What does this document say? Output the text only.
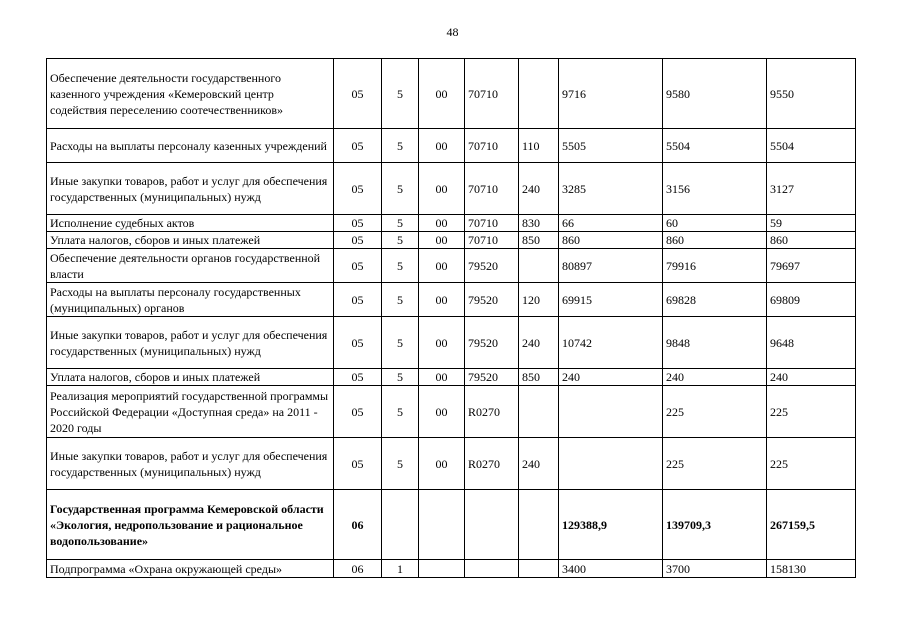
48
Обеспечение деятельности государственного казенного учреждения «Кемеровский центр содействия переселению соотечественников»	05	5	00	70710		9716	9580	9550
Расходы на выплаты персоналу казенных учреждений	05	5	00	70710	110	5505	5504	5504
Иные закупки товаров, работ и услуг для обеспечения государственных (муниципальных) нужд	05	5	00	70710	240	3285	3156	3127
Исполнение судебных актов	05	5	00	70710	830	66	60	59
Уплата налогов, сборов и иных платежей	05	5	00	70710	850	860	860	860
Обеспечение деятельности органов государственной власти	05	5	00	79520		80897	79916	79697
Расходы на выплаты персоналу государственных (муниципальных) органов	05	5	00	79520	120	69915	69828	69809
Иные закупки товаров, работ и услуг для обеспечения государственных (муниципальных) нужд	05	5	00	79520	240	10742	9848	9648
Уплата налогов, сборов и иных платежей	05	5	00	79520	850	240	240	240
Реализация мероприятий государственной программы Российской Федерации «Доступная среда» на 2011 - 2020 годы	05	5	00	R0270			225	225
Иные закупки товаров, работ и услуг для обеспечения государственных (муниципальных) нужд	05	5	00	R0270	240		225	225
Государственная программа Кемеровской области «Экология, недропользование и рациональное водопользование»	06					129388,9	139709,3	267159,5
Подпрограмма «Охрана окружающей среды»	06	1				3400	3700	158130
